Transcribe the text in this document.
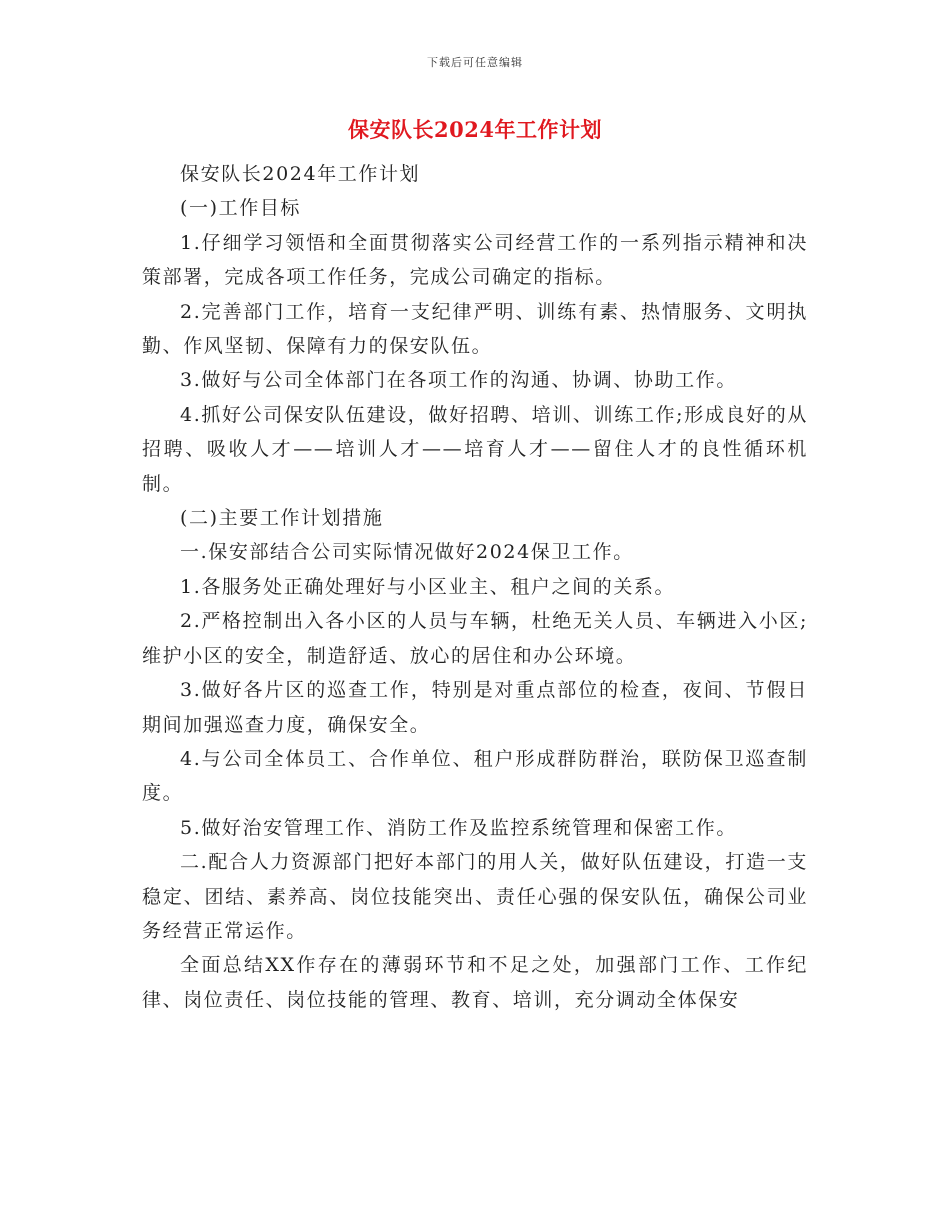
下载后可任意编辑
保安队长2024年工作计划

保安队长2024年工作计划

(一)工作目标

1.仔细学习领悟和全面贯彻落实公司经营工作的一系列指示精神和决策部署，完成各项工作任务，完成公司确定的指标。

2.完善部门工作，培育一支纪律严明、训练有素、热情服务、文明执勤、作风坚韧、保障有力的保安队伍。

3.做好与公司全体部门在各项工作的沟通、协调、协助工作。

4.抓好公司保安队伍建设，做好招聘、培训、训练工作;形成良好的从招聘、吸收人才——培训人才——培育人才——留住人才的良性循环机制。

(二)主要工作计划措施

一.保安部结合公司实际情况做好2024保卫工作。

1.各服务处正确处理好与小区业主、租户之间的关系。

2.严格控制出入各小区的人员与车辆，杜绝无关人员、车辆进入小区;维护小区的安全，制造舒适、放心的居住和办公环境。

3.做好各片区的巡查工作，特别是对重点部位的检查，夜间、节假日期间加强巡查力度，确保安全。

4.与公司全体员工、合作单位、租户形成群防群治，联防保卫巡查制度。

5.做好治安管理工作、消防工作及监控系统管理和保密工作。

二.配合人力资源部门把好本部门的用人关，做好队伍建设，打造一支稳定、团结、素养高、岗位技能突出、责任心强的保安队伍，确保公司业务经营正常运作。

全面总结XX作存在的薄弱环节和不足之处，加强部门工作、工作纪律、岗位责任、岗位技能的管理、教育、培训，充分调动全体保安
